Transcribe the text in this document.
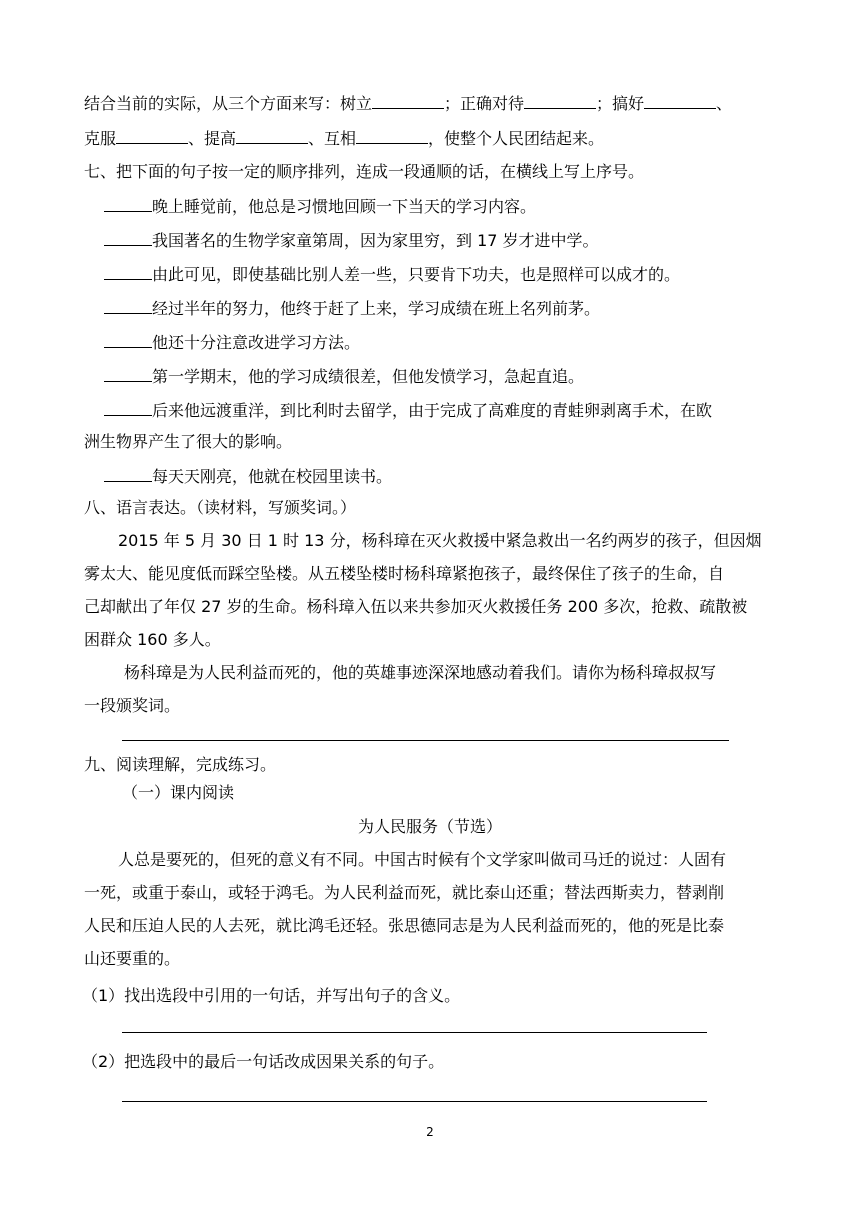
结合当前的实际，从三个方面来写：树立	；正确对待	；搞好	、
克服	、提高	、互相	，使整个人民团结起来。
七、把下面的句子按一定的顺序排列，连成一段通顺的话，在横线上写上序号。
晚上睡觉前，他总是习惯地回顾一下当天的学习内容。
我国著名的生物学家童第周，因为家里穷，到 17 岁才进中学。
由此可见，即使基础比别人差一些，只要肯下功夫，也是照样可以成才的。
经过半年的努力，他终于赶了上来，学习成绩在班上名列前茅。
他还十分注意改进学习方法。
第一学期末，他的学习成绩很差，但他发愤学习，急起直追。
后来他远渡重洋，到比利时去留学，由于完成了高难度的青蛙卵剥离手术，在欧
洲生物界产生了很大的影响。
每天天刚亮，他就在校园里读书。
八、语言表达。（读材料，写颁奖词。）
2015 年 5 月 30 日 1 时 13 分，杨科璋在灭火救援中紧急救出一名约两岁的孩子，但因烟
雾太大、能见度低而踩空坠楼。从五楼坠楼时杨科璋紧抱孩子，最终保住了孩子的生命，自
己却献出了年仅 27 岁的生命。杨科璋入伍以来共参加灭火救援任务 200 多次，抢救、疏散被
困群众 160 多人。
杨科璋是为人民利益而死的，他的英雄事迹深深地感动着我们。请你为杨科璋叔叔写
一段颁奖词。
九、阅读理解，完成练习。
（一）课内阅读
为人民服务（节选）
人总是要死的，但死的意义有不同。中国古时候有个文学家叫做司马迁的说过：人固有
一死，或重于泰山，或轻于鸿毛。为人民利益而死，就比泰山还重；替法西斯卖力，替剥削
人民和压迫人民的人去死，就比鸿毛还轻。张思德同志是为人民利益而死的，他的死是比泰
山还要重的。
（1）找出选段中引用的一句话，并写出句子的含义。
（2）把选段中的最后一句话改成因果关系的句子。
2
